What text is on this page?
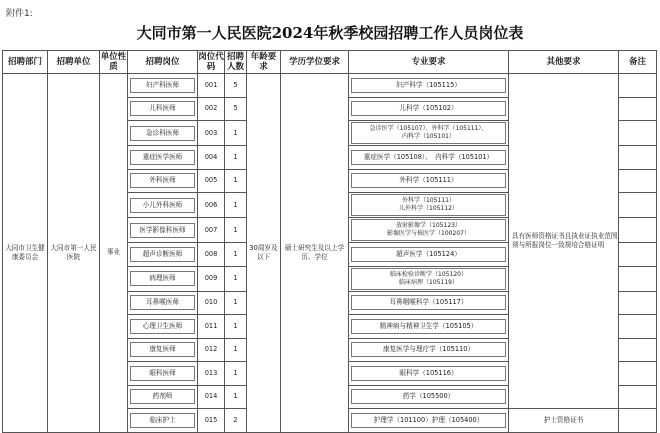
附件1:
大同市第一人民医院2024年秋季校园招聘工作人员岗位表
招聘部门	招聘单位	单位性质	招聘岗位	岗位代码	招聘人数	年龄要求	学历学位要求	专业要求	其他要求	备注
大同市卫生健康委员会	大同市第一人民医院	事业	妇产科医师	001	5	30周岁及以下	硕士研究生及以上学历、学位	妇产科学（105115）	具有医师资格证书且执业证执业范围须与所报岗位一致规培合格证明	

			儿科医师	002	5			儿科学（105102）		

			急诊科医师	003	1			急诊医学（105107）、外科学（105111）、
内科学（105101）		

			重症医学医师	004	1			重症医学（105108）、　内科学（105101）		

			外科医师	005	1			外科学（105111）		

			小儿外科医师	006	1			外科学（105111）
儿外科学（105112）		

			医学影像科医师	007	1			放射影像学（105123）
影像医学与核医学（100207）		

			超声诊断医师	008	1			超声医学（105124）		

			病理医师	009	1			临床检验诊断学（105120）
临床病理（105119）		

			耳鼻喉医师	010	1			耳鼻咽喉科学（105117）		

			心理卫生医师	011	1			精神病与精神卫生学（105105）		

			康复医师	012	1			康复医学与理疗学（105110）		

			眼科医师	013	1			眼科学（105116）		

			药剂师	014	1			药学（105500）		

			临床护士	015	2			护理学（101100）护理（105400）	护士资格证书	
